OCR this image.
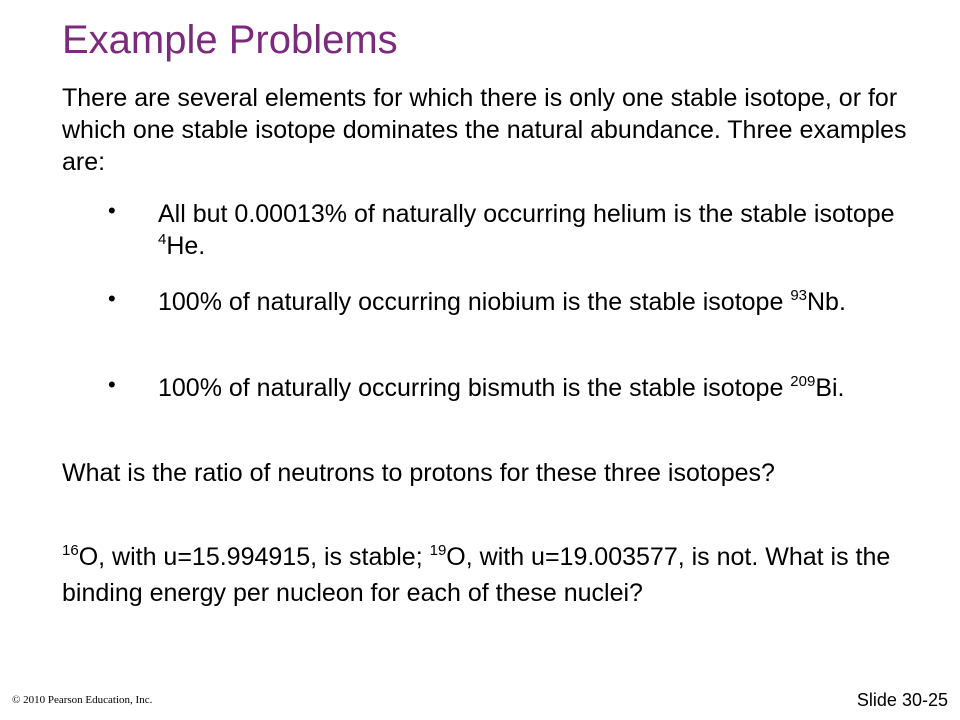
Example Problems
There are several elements for which there is only one stable isotope, or for which one stable isotope dominates the natural abundance. Three examples are:
• All but 0.00013% of naturally occurring helium is the stable isotope $^4$He.
• 100% of naturally occurring niobium is the stable isotope $^{93}$Nb.
• 100% of naturally occurring bismuth is the stable isotope $^{209}$Bi.
What is the ratio of neutrons to protons for these three isotopes?
$^{16}$O, with u=15.994915, is stable; $^{19}$O, with u=19.003577, is not. What is the binding energy per nucleon for each of these nuclei?
© 2010 Pearson Education, Inc.	Slide 30-25
